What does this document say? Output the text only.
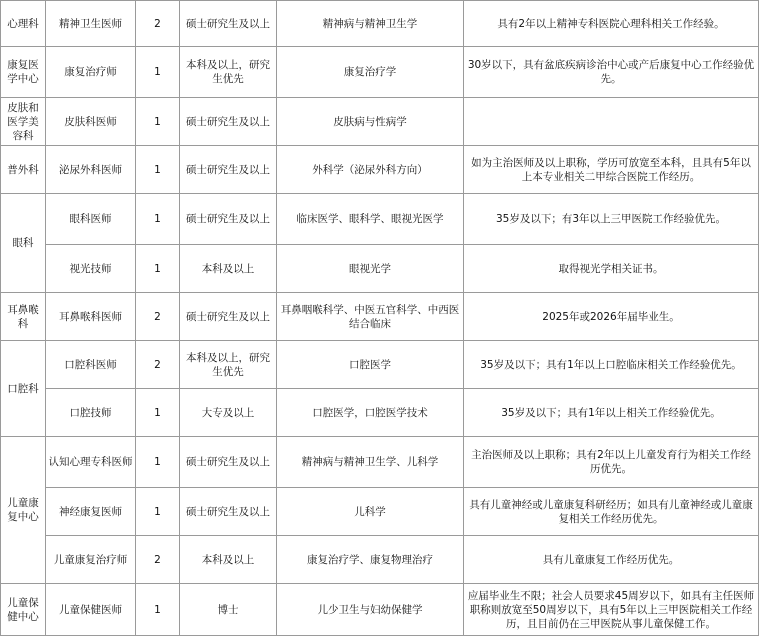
心理科	精神卫生医师	2	硕士研究生及以上	精神病与精神卫生学	具有2年以上精神专科医院心理科相关工作经验。
康复医学中心	康复治疗师	1	本科及以上，研究生优先	康复治疗学	30岁以下，具有盆底疾病诊治中心或产后康复中心工作经验优先。
皮肤和医学美容科	皮肤科医师	1	硕士研究生及以上	皮肤病与性病学	
普外科	泌尿外科医师	1	硕士研究生及以上	外科学（泌尿外科方向）	如为主治医师及以上职称，学历可放宽至本科，且具有5年以上本专业相关二甲综合医院工作经历。
眼科	眼科医师	1	硕士研究生及以上	临床医学、眼科学、眼视光医学	35岁及以下；有3年以上三甲医院工作经验优先。
	视光技师	1	本科及以上	眼视光学	取得视光学相关证书。
耳鼻喉科	耳鼻喉科医师	2	硕士研究生及以上	耳鼻咽喉科学、中医五官科学、中西医结合临床	2025年或2026年届毕业生。
口腔科	口腔科医师	2	本科及以上，研究生优先	口腔医学	35岁及以下；具有1年以上口腔临床相关工作经验优先。
	口腔技师	1	大专及以上	口腔医学，口腔医学技术	35岁及以下；具有1年以上相关工作经验优先。
儿童康复中心	认知心理专科医师	1	硕士研究生及以上	精神病与精神卫生学、儿科学	主治医师及以上职称；具有2年以上儿童发育行为相关工作经历优先。
	神经康复医师	1	硕士研究生及以上	儿科学	具有儿童神经或儿童康复科研经历；如具有儿童神经或儿童康复相关工作经历优先。
	儿童康复治疗师	2	本科及以上	康复治疗学、康复物理治疗	具有儿童康复工作经历优先。
儿童保健中心	儿童保健医师	1	博士	儿少卫生与妇幼保健学	应届毕业生不限；社会人员要求45周岁以下，如具有主任医师职称则放宽至50周岁以下，具有5年以上三甲医院相关工作经历，且目前仍在三甲医院从事儿童保健工作。
